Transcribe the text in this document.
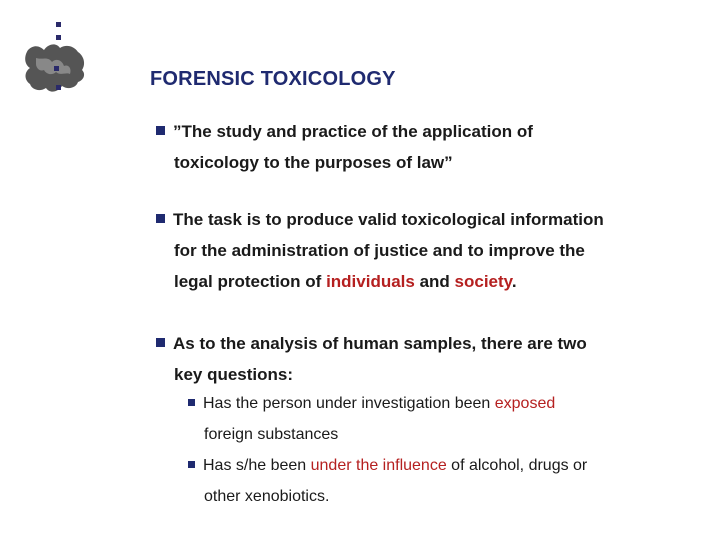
FORENSIC TOXICOLOGY

”The study and practice of the application of

toxicology to the purposes of law”

The task is to produce valid toxicological information

for the administration of justice and to improve the

legal protection of individuals and society.

As to the analysis of human samples, there are two

key questions:

Has the person under investigation been exposed

foreign substances

Has s/he been under the influence of alcohol, drugs or

other xenobiotics.
